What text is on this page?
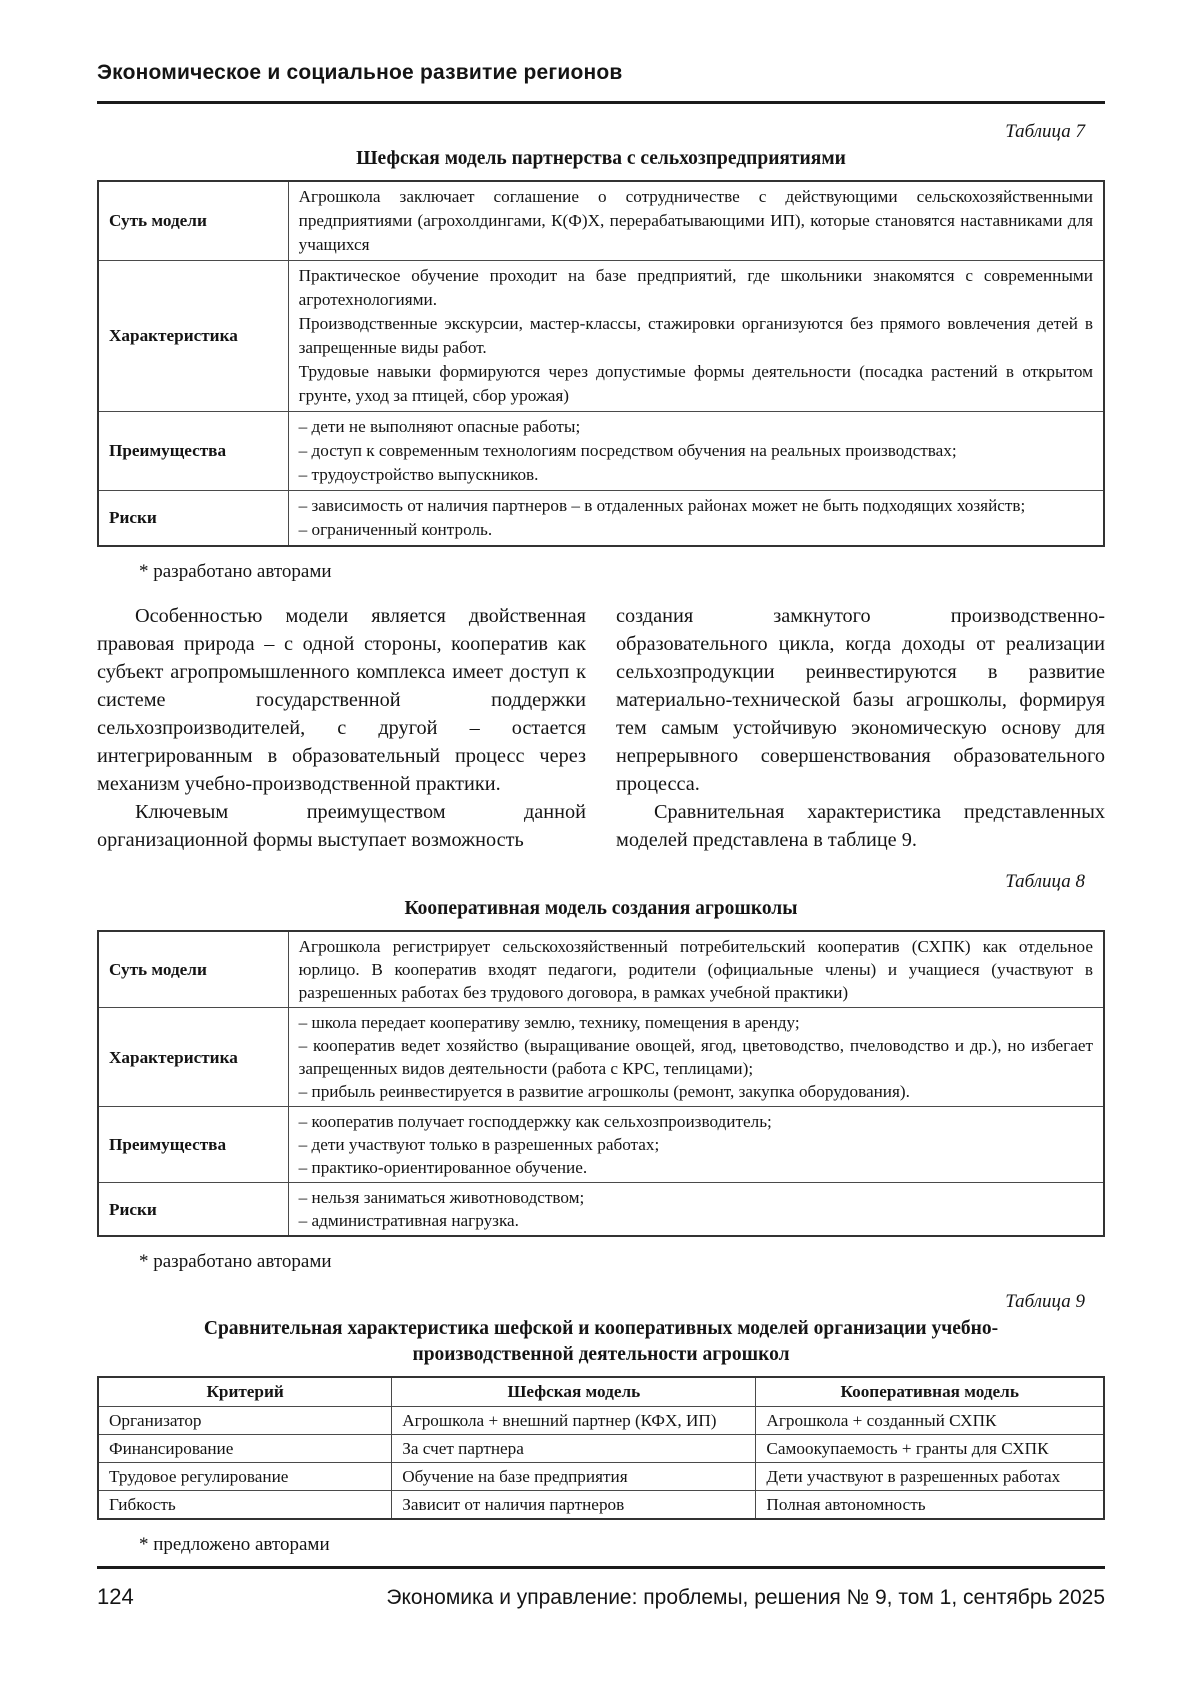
Экономическое и социальное развитие регионов
Таблица 7
Шефская модель партнерства с сельхозпредприятиями
Суть модели	Агрошкола заключает соглашение о сотрудничестве с действующими сельскохозяйственными предприятиями (агрохолдингами, К(Ф)Х, перерабатывающими ИП), которые становятся наставниками для учащихся

Характеристика	Практическое обучение проходит на базе предприятий, где школьники знакомятся с современными агротехнологиями.

Производственные экскурсии, мастер-классы, стажировки организуются без прямого вовлечения детей в запрещенные виды работ.

Трудовые навыки формируются через допустимые формы деятельности (посадка растений в открытом грунте, уход за птицей, сбор урожая)

Преимущества	– дети не выполняют опасные работы;

– доступ к современным технологиям посредством обучения на реальных производствах;

– трудоустройство выпускников.

Риски	– зависимость от наличия партнеров – в отдаленных районах может не быть подходящих хозяйств;

– ограниченный контроль.

* разработано авторами

Особенностью модели является двойственная правовая природа – с одной стороны, кооператив как субъект агропромышленного комплекса имеет доступ к системе государственной поддержки сельхозпроизводителей, с другой – остается интегрированным в образовательный процесс через механизм учебно-производственной практики.

Ключевым преимуществом данной организационной формы выступает возможность

создания замкнутого производственно-образовательного цикла, когда доходы от реализации сельхозпродукции реинвестируются в развитие материально-технической базы агрошколы, формируя тем самым устойчивую экономическую основу для непрерывного совершенствования образовательного процесса.

Сравнительная характеристика представленных моделей представлена в таблице 9.

Таблица 8
Кооперативная модель создания агрошколы
Суть модели	Агрошкола регистрирует сельскохозяйственный потребительский кооператив (СХПК) как отдельное юрлицо. В кооператив входят педагоги, родители (официальные члены) и учащиеся (участвуют в разрешенных работах без трудового договора, в рамках учебной практики)

Характеристика	– школа передает кооперативу землю, технику, помещения в аренду;

– кооператив ведет хозяйство (выращивание овощей, ягод, цветоводство, пчеловодство и др.), но избегает запрещенных видов деятельности (работа с КРС, теплицами);

– прибыль реинвестируется в развитие агрошколы (ремонт, закупка оборудования).

Преимущества	– кооператив получает господдержку как сельхозпроизводитель;

– дети участвуют только в разрешенных работах;

– практико-ориентированное обучение.

Риски	– нельзя заниматься животноводством;

– административная нагрузка.

* разработано авторами
Таблица 9
Сравнительная характеристика шефской и кооперативных моделей организации учебно-производственной деятельности агрошкол
Критерий	Шефская модель	Кооперативная модель
Организатор	Агрошкола + внешний партнер (КФХ, ИП)	Агрошкола + созданный СХПК
Финансирование	За счет партнера	Самоокупаемость + гранты для СХПК
Трудовое регулирование	Обучение на базе предприятия	Дети участвуют в разрешенных работах
Гибкость	Зависит от наличия партнеров	Полная автономность
* предложено авторами
124	Экономика и управление: проблемы, решения № 9, том 1, сентябрь 2025
